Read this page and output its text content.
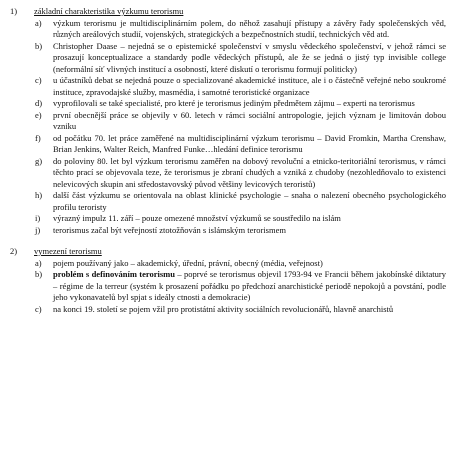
1)	základní charakteristika výzkumu terorismu
a)	výzkum terorismu je multidisciplinárním polem, do něhož zasahují přístupy a závěry řady společenských věd, různých areálových studií, vojenských, strategických a bezpečnostních studií, technických věd atd.
b)	Christopher Daase – nejedná se o epistemické společenství v smyslu vědeckého společenství, v jehož rámci se prosazují konceptualizace a standardy podle vědeckých přístupů, ale že se jedná o jistý typ invisible college (neformální síť vlivných institucí a osobností, které diskutí o terorismu formují politicky)
c)	u účastníků debat se nejedná pouze o specializované akademické instituce, ale i o částečně veřejné nebo soukromé instituce, zpravodajské služby, masmédia, i samotné teroristické organizace
d)	vyprofilovali se také specialisté, pro které je terorismus jediným předmětem zájmu – experti na terorismus
e)	první obecnější práce se objevily v 60. letech v rámci sociální antropologie, jejich význam je limitován dobou vzniku
f)	od počátku 70. let práce zaměřené na multidisciplinární výzkum terorismu – David Fromkin, Martha Crenshaw, Brian Jenkins, Walter Reich, Manfred Funke…hledání definice terorismu
g)	do poloviny 80. let byl výzkum terorismu zaměřen na dobový revoluční a etnicko-teritoriální terorismus, v rámci těchto prací se objevovala teze, že terorismus je zbraní chudých a vzniká z chudoby (nezohledňovalo to existenci nelevicových skupin ani středostavovský původ většiny levicových teroristů)
h)	další část výzkumu se orientovala na oblast klinické psychologie – snaha o nalezení obecného psychologického profilu teroristy
i)	výrazný impulz 11. září – pouze omezené množství výzkumů se soustředilo na islám
j)	terorismus začal být veřejností ztotožňován s islámským terorismem
2)	vymezení terorismu
a)	pojem používaný jako – akademický, úřední, právní, obecný (média, veřejnost)
b)	problém s definováním terorismu – poprvé se terorismus objevil 1793-94 ve Francii během jakobínské diktatury – régime de la terreur (systém k prosazení pořádku po předchozí anarchistické periodě nepokojů a povstání, podle jeho vykonavatelů byl spjat s ideály ctnosti a demokracie)
c)	na konci 19. století se pojem vžil pro protistátní aktivity sociálních revolucionářů, hlavně anarchistů
